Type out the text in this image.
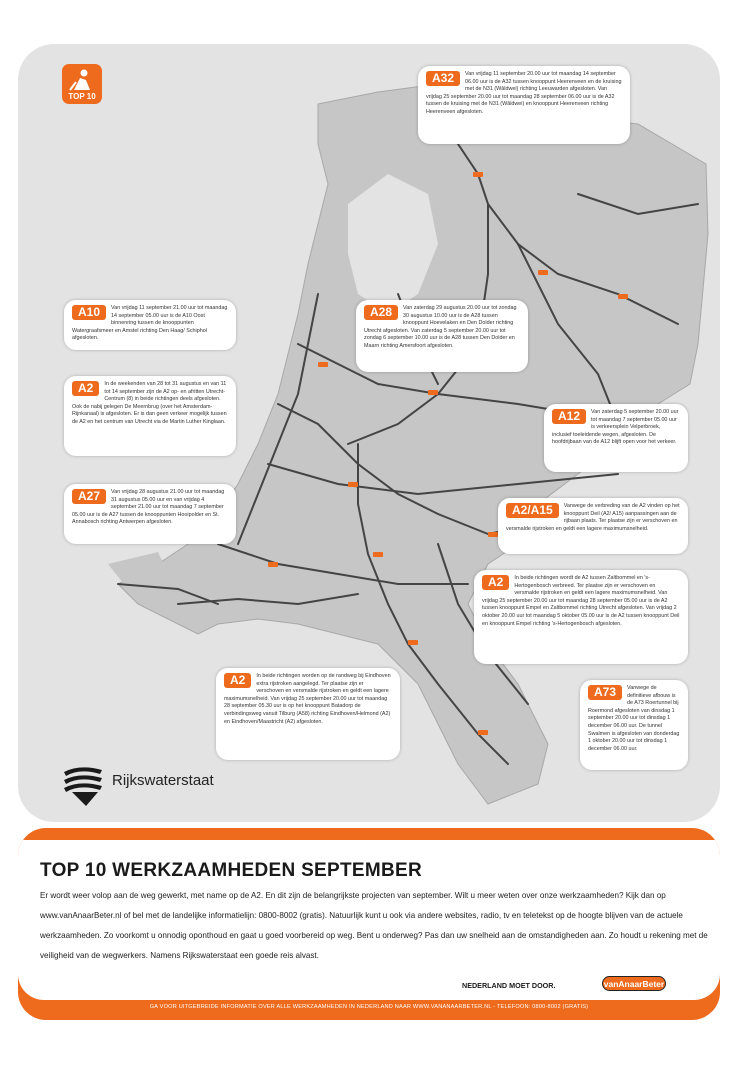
TOP 10
A32	Van vrijdag 11 september 20.00 uur tot maandag 14 september 06.00 uur is de A32 tussen knooppunt Heerenveen en de kruising met de N31 (Wâldwei) richting Leeuwarden afgesloten. Van vrijdag 25 september 20.00 uur tot maandag 28 september 06.00 uur is de A32 tussen de kruising met de N31 (Wâldwei) en knooppunt Heerenveen richting Heerenveen afgesloten.
A10	Van vrijdag 11 september 21.00 uur tot maandag 14 september 05.00 uur is de A10 Oost binnenring tussen de knooppunten Watergraafsmeer en Amstel richting Den Haag/ Schiphol afgesloten.
A28	Van zaterdag 29 augustus 20.00 uur tot zondag 30 augustus 10.00 uur is de A28 tussen knooppunt Hoevelaken en Den Dolder richting Utrecht afgesloten. Van zaterdag 5 september 20.00 uur tot zondag 6 september 10.00 uur is de A28 tussen Den Dolder en Maarn richting Amersfoort afgesloten.
A2	In de weekenden van 28 tot 31 augustus en van 11 tot 14 september zijn de A2 op- en afritten Utrecht-Centrum (8) in beide richtingen deels afgesloten. Ook de nabij gelegen De Meernbrug (over het Amsterdam-Rijnkanaal) is afgesloten. Er is dan geen verkeer mogelijk tussen de A2 en het centrum van Utrecht via de Martin Luther Kinglaan.	A12	Van zaterdag 5 september 20.00 uur tot maandag 7 september 05.00 uur is verkeersplein Velperbroek, inclusief toeleidende wegen, afgesloten. De hoofdrijbaan van de A12 blijft open voor het verkeer.
A27	Van vrijdag 28 augustus 21.00 uur tot maandag 31 augustus 05.00 uur en van vrijdag 4 september 21.00 uur tot maandag 7 september 05.00 uur is de A27 tussen de knooppunten Hooipolder en St. Annabosch richting Antwerpen afgesloten.
A2/A15	Vanwege de verbreding van de A2 vinden op het knooppunt Deil (A2/ A15) aanpassingen aan de rijbaan plaats. Ter plaatse zijn er verschoven en versmalde rijstroken en geldt een lagere maximumsnelheid.
A2	In beide richtingen wordt de A2 tussen Zaltbommel en 's-Hertogenbosch verbreed. Ter plaatse zijn er verschoven en versmalde rijstroken en geldt een lagere maximumsnelheid. Van vrijdag 25 september 20.00 uur tot maandag 28 september 05.00 uur is de A2 tussen knooppunt Empel en Zaltbommel richting Utrecht afgesloten. Van vrijdag 2 oktober 20.00 uur tot maandag 5 oktober 05.00 uur is de A2 tussen knooppunt Deil en knooppunt Empel richting 's-Hertogenbosch afgesloten.
A2	In beide richtingen worden op de randweg bij Eindhoven extra rijstroken aangelegd. Ter plaatse zijn er verschoven en versmalde rijstroken en geldt een lagere maximumsnelheid. Van vrijdag 25 september 20.00 uur tot maandag 28 september 05.30 uur is op het knooppunt Batadorp de verbindingsweg vanuit Tilburg (A58) richting Eindhoven/Helmond (A2) en Eindhoven/Maastricht (A2) afgesloten.
A73	Vanwege de definitieve afbouw is de A73 Roertunnel bij Roermond afgesloten van dinsdag 1 september 20.00 uur tot dinsdag 1 december 06.00 uur. De tunnel Swalmen is afgesloten van donderdag 1 oktober 20.00 uur tot dinsdag 1 december 06.00 uur.
Rijkswaterstaat
TOP 10 WERKZAAMHEDEN SEPTEMBER
Er wordt weer volop aan de weg gewerkt, met name op de A2. En dit zijn de belangrijkste projecten van september. Wilt u meer weten over onze werkzaamheden? Kijk dan op www.vanAnaarBeter.nl of bel met de landelijke informatielijn: 0800-8002 (gratis). Natuurlijk kunt u ook via andere websites, radio, tv en teletekst op de hoogte blijven van de actuele werkzaamheden. Zo voorkomt u onnodig oponthoud en gaat u goed voorbereid op weg. Bent u onderweg? Pas dan uw snelheid aan de omstandigheden aan. Zo houdt u rekening met de veiligheid van de wegwerkers. Namens Rijkswaterstaat een goede reis alvast.
NEDERLAND MOET DOOR.	vanAnaarBeter
GA VOOR UITGEBREIDE INFORMATIE OVER ALLE WERKZAAMHEDEN IN NEDERLAND NAAR WWW.VANANAARBETER.NL - TELEFOON: 0800-8002 (GRATIS)
